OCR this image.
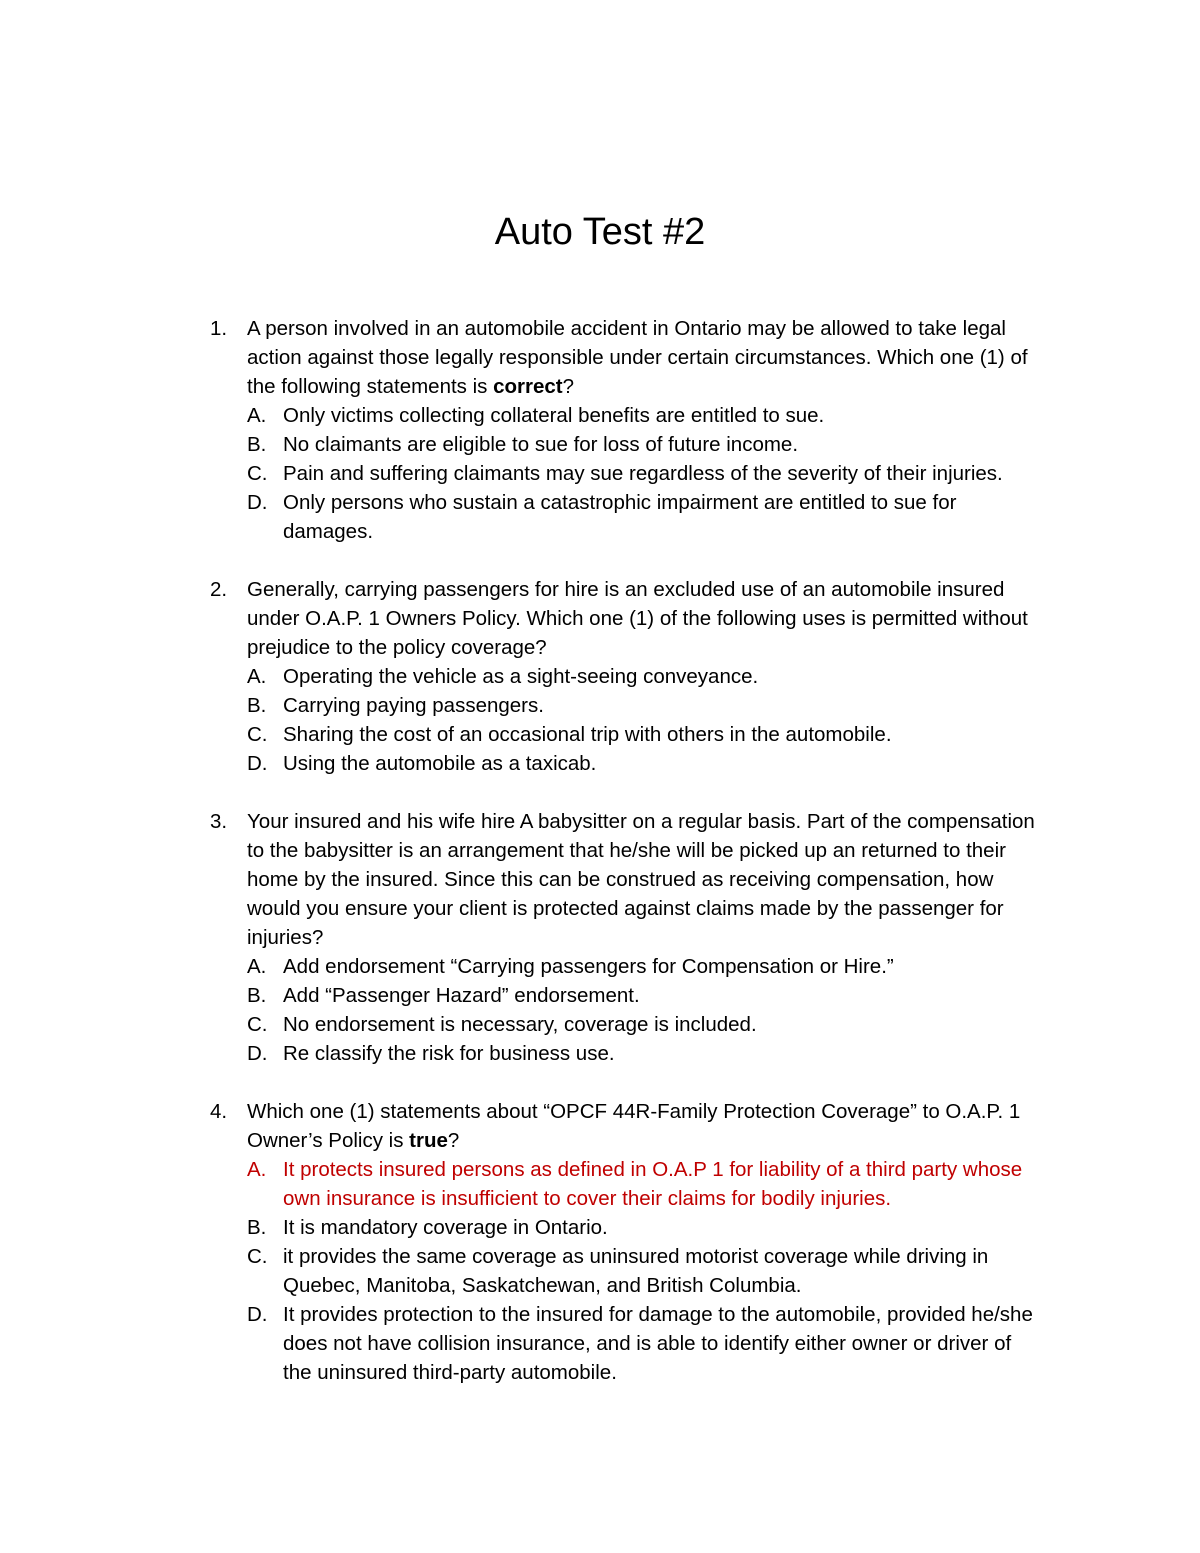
Auto Test #2
1. A person involved in an automobile accident in Ontario may be allowed to take legal action against those legally responsible under certain circumstances. Which one (1) of the following statements is correct?
A. Only victims collecting collateral benefits are entitled to sue.
B. No claimants are eligible to sue for loss of future income.
C. Pain and suffering claimants may sue regardless of the severity of their injuries.
D. Only persons who sustain a catastrophic impairment are entitled to sue for damages.
2. Generally, carrying passengers for hire is an excluded use of an automobile insured under O.A.P. 1 Owners Policy. Which one (1) of the following uses is permitted without prejudice to the policy coverage?
A. Operating the vehicle as a sight-seeing conveyance.
B. Carrying paying passengers.
C. Sharing the cost of an occasional trip with others in the automobile.
D. Using the automobile as a taxicab.
3. Your insured and his wife hire A babysitter on a regular basis. Part of the compensation to the babysitter is an arrangement that he/she will be picked up an returned to their home by the insured. Since this can be construed as receiving compensation, how would you ensure your client is protected against claims made by the passenger for injuries?
A. Add endorsement “Carrying passengers for Compensation or Hire.”
B. Add “Passenger Hazard” endorsement.
C. No endorsement is necessary, coverage is included.
D. Re classify the risk for business use.
4. Which one (1) statements about “OPCF 44R-Family Protection Coverage” to O.A.P. 1 Owner’s Policy is true?
A. It protects insured persons as defined in O.A.P 1 for liability of a third party whose own insurance is insufficient to cover their claims for bodily injuries.
B. It is mandatory coverage in Ontario.
C. it provides the same coverage as uninsured motorist coverage while driving in Quebec, Manitoba, Saskatchewan, and British Columbia.
D. It provides protection to the insured for damage to the automobile, provided he/she does not have collision insurance, and is able to identify either owner or driver of the uninsured third-party automobile.
